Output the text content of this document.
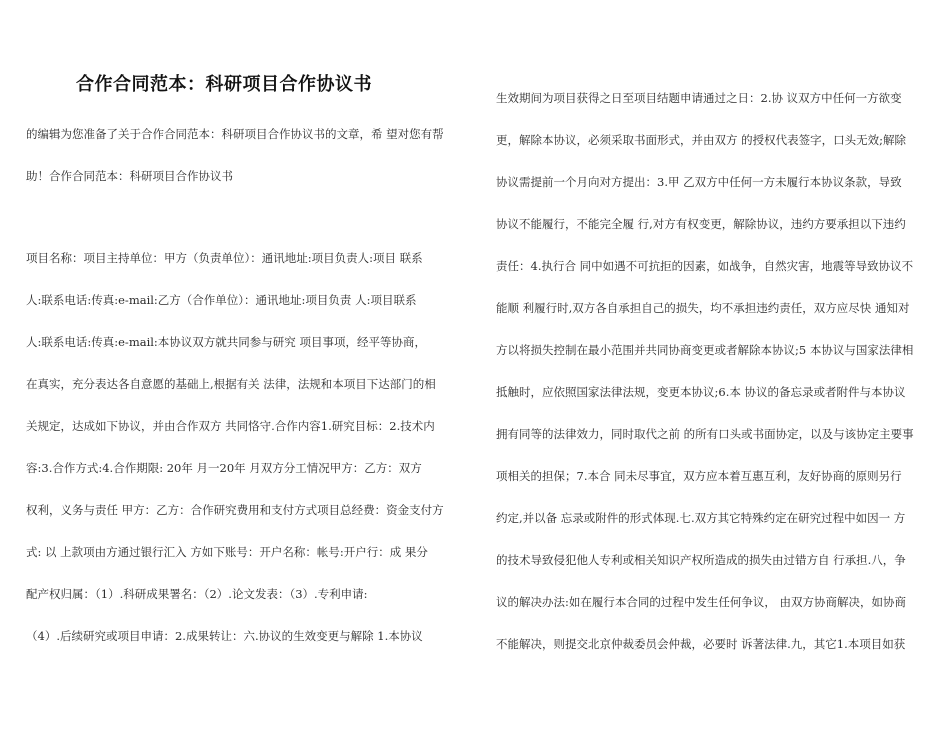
合作合同范本：科研项目合作协议书
的编辑为您准备了关于合作合同范本：科研项目合作协议书的文章，希 望对您有帮
助！合作合同范本：科研项目合作协议书
项目名称：项目主持单位：甲方（负责单位）：通讯地址:项目负责人:项目 联系
人:联系电话:传真:e-mail:乙方（合作单位）：通讯地址:项目负责 人:项目联系
人:联系电话:传真:e-mail:本协议双方就共同参与研究 项目事项，经平等协商，
在真实，充分表达各自意愿的基础上,根据有关 法律，法规和本项目下达部门的相
关规定，达成如下协议，并由合作双方 共同恪守.合作内容1.研究目标：2.技术内
容:3.合作方式:4.合作期限: 20年 月一20年 月双方分工情况甲方：乙方：双方
权利，义务与责任 甲方：乙方：合作研究费用和支付方式项目总经费：资金支付方
式: 以 上款项由方通过银行汇入 方如下账号：开户名称：帐号:开户行：成 果分
配产权归属：（1）.科研成果署名：（2）.论文发表：（3）.专利申请:
（4）.后续研究或项目申请：2.成果转让：六.协议的生效变更与解除 1.本协议
生效期间为项目获得之日至项目结题申请通过之日：2.协 议双方中任何一方欲变
更，解除本协议，必须采取书面形式，并由双方 的授权代表签字，口头无效;解除
协议需提前一个月向对方提出：3.甲 乙双方中任何一方未履行本协议条款，导致
协议不能履行，不能完全履 行,对方有权变更，解除协议，违约方要承担以下违约
责任：4.执行合 同中如遇不可抗拒的因素，如战争，自然灾害，地震等导致协议不
能顺 利履行时,双方各自承担自己的损失，均不承担违约责任，双方应尽快 通知对
方以将损失控制在最小范围并共同协商变更或者解除本协议;5 本协议与国家法律相
抵触时，应依照国家法律法规，变更本协议;6.本 协议的备忘录或者附件与本协议
拥有同等的法律效力，同时取代之前 的所有口头或书面协定，以及与该协定主要事
项相关的担保；7.本合 同未尽事宜，双方应本着互惠互利，友好协商的原则另行
约定,并以备 忘录或附件的形式体现.七.双方其它特殊约定在研究过程中如因一 方
的技术导致侵犯他人专利或相关知识产权所造成的损失由过错方自 行承担.八，争
议的解决办法:如在履行本合同的过程中发生任何争议， 由双方协商解决，如协商
不能解决，则提交北京仲裁委员会仲裁，必要时 诉著法律.九，其它1.本项目如获
